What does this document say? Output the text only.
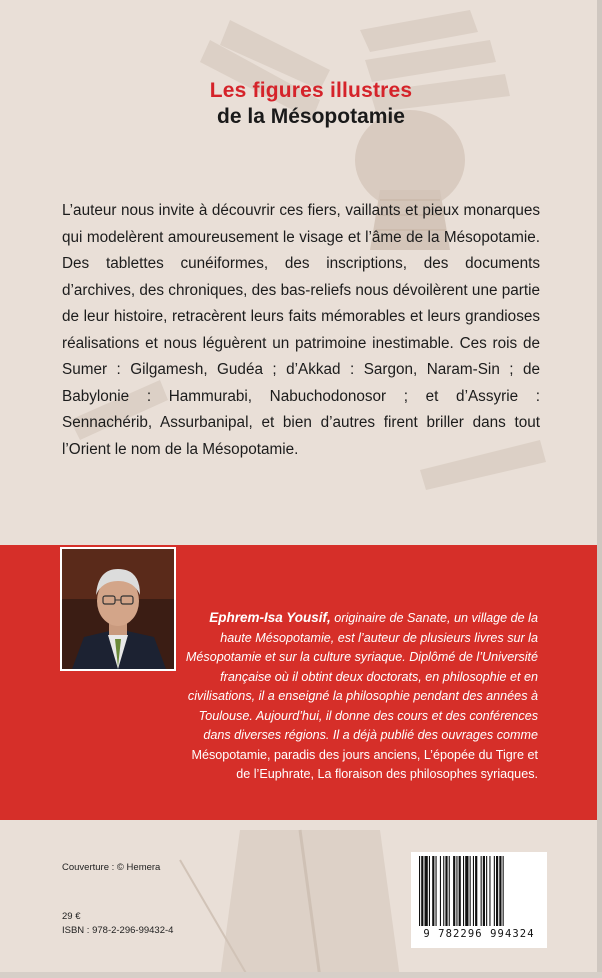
Les figures illustres
de la Mésopotamie

L’auteur nous invite à découvrir ces fiers, vaillants et pieux monarques qui modelèrent amoureusement le visage et l’âme de la Mésopotamie. Des tablettes cunéiformes, des inscriptions, des documents d’archives, des chroniques, des bas-reliefs nous dévoilèrent une partie de leur histoire, retracèrent leurs faits mémorables et leurs grandioses réalisations et nous léguèrent un patrimoine inestimable. Ces rois de Sumer : Gilgamesh, Gudéa ; d’Akkad : Sargon, Naram-Sin ; de Babylonie : Hammurabi, Nabuchodonosor ; et d’Assyrie : Sennachérib, Assurbanipal, et bien d’autres firent briller dans tout l’Orient le nom de la Mésopotamie.

Ephrem-Isa Yousif, originaire de Sanate, un village de la haute Mésopotamie, est l’auteur de plusieurs livres sur la Mésopotamie et sur la culture syriaque. Diplômé de l’Université française où il obtint deux doctorats, en philosophie et en civilisations, il a enseigné la philosophie pendant des années à Toulouse. Aujourd’hui, il donne des cours et des conférences dans diverses régions. Il a déjà publié des ouvrages comme Mésopotamie, paradis des jours anciens, L’épopée du Tigre et de l’Euphrate, La floraison des philosophes syriaques.

Couverture : © Hemera
29 €
ISBN : 978-2-296-99432-4	9 782296 994324
